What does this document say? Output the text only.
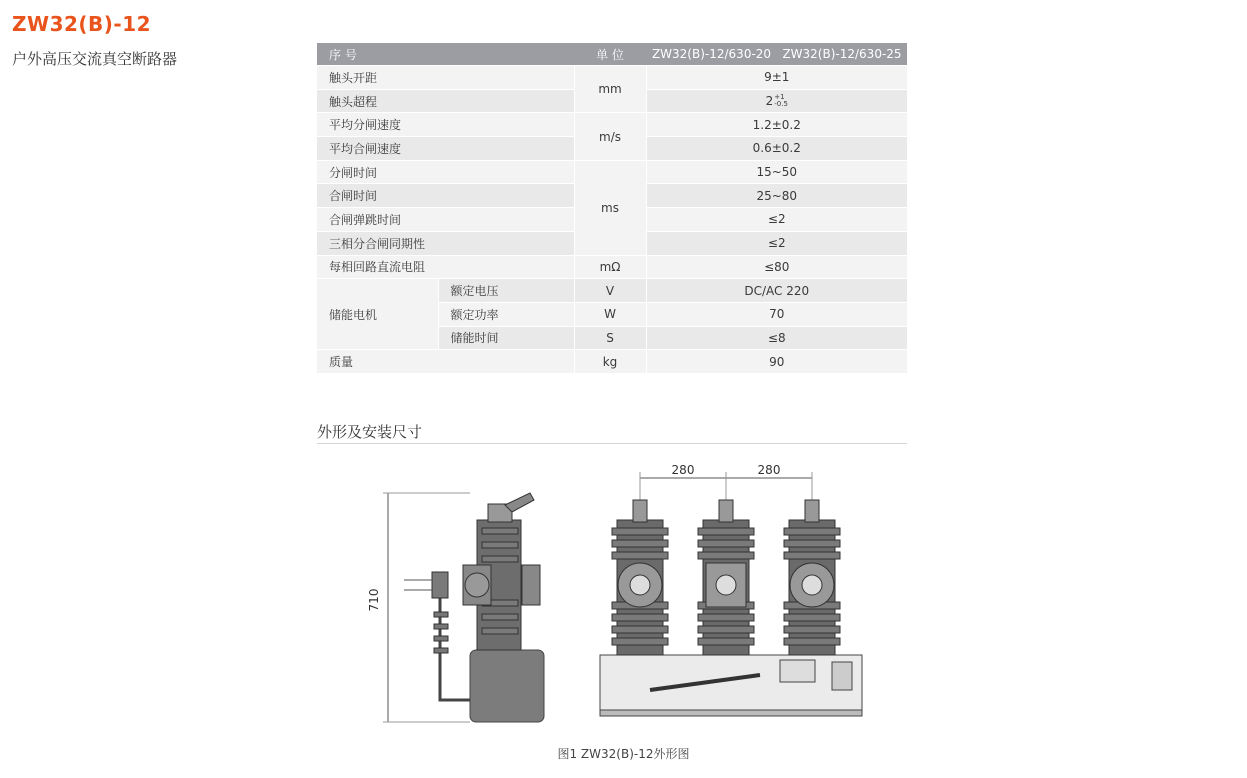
ZW32(B)-12
户外高压交流真空断路器	序 号		单 位	ZW32(B)-12/630-20	ZW32(B)-12/630-25
触头开距		mm	9±1	
触头超程			2 +1
-0.5	

平均分闸速度		m/s	1.2±0.2	
平均合闸速度			0.6±0.2	
分闸时间		ms	15~50	
合闸时间			25~80	
合闸弹跳时间			≤2	
三相分合闸同期性			≤2	
每相回路直流电阻		mΩ	≤80	
储能电机	额定电压	V	DC/AC 220	
	额定功率	W	70	
	储能时间	S	≤8	
质量		kg	90	
外形及安装尺寸
710
280	280
图1 ZW32(B)-12外形图
